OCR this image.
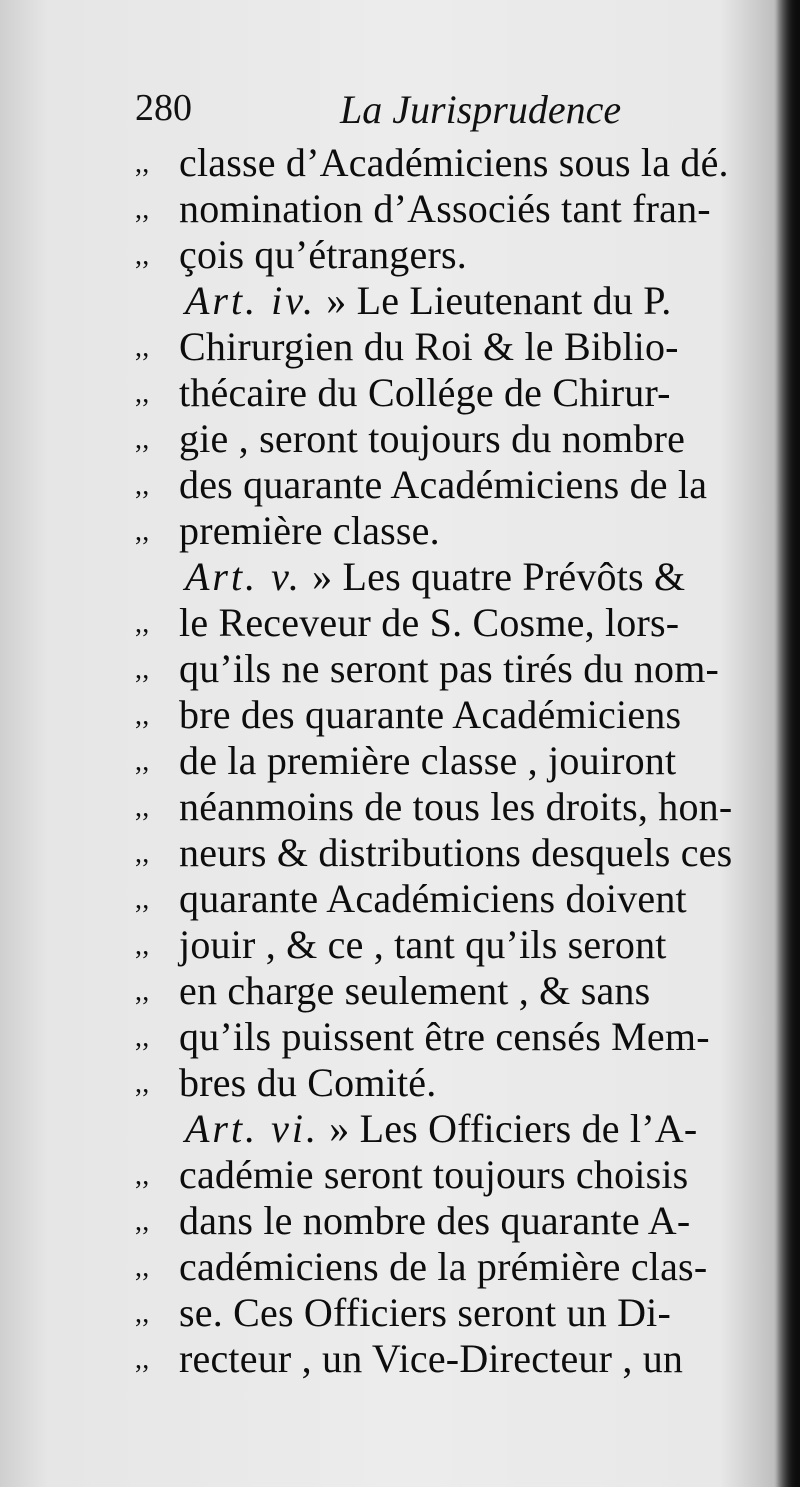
280	La Jurisprudence
,, classe d’Académiciens sous la dé.
,, nomination d’Associés tant fran-
,, çois qu’étrangers.
Art. iv. » Le Lieutenant du P.
,, Chirurgien du Roi & le Biblio-
,, thécaire du Collége de Chirur-
,, gie , seront toujours du nombre
,, des quarante Académiciens de la
,, première classe.
Art. v. » Les quatre Prévôts &
,, le Receveur de S. Cosme, lors-
,, qu’ils ne seront pas tirés du nom-
,, bre des quarante Académiciens
,, de la première classe , jouiront
,, néanmoins de tous les droits, hon-
,, neurs & distributions desquels ces
,, quarante Académiciens doivent
,, jouir , & ce , tant qu’ils seront
,, en charge seulement , & sans
,, qu’ils puissent être censés Mem-
,, bres du Comité.
Art. vi. » Les Officiers de l’A-
,, cadémie seront toujours choisis
,, dans le nombre des quarante A-
,, cadémiciens de la prémière clas-
,, se. Ces Officiers seront un Di-
,, recteur , un Vice-Directeur , un
